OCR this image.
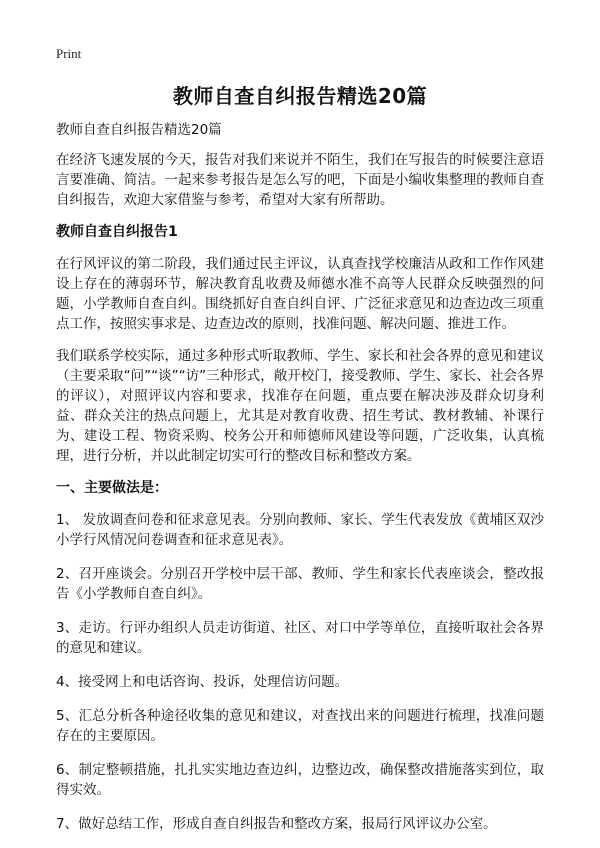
Print
教师自查自纠报告精选20篇

教师自查自纠报告精选20篇

在经济飞速发展的今天，报告对我们来说并不陌生，我们在写报告的时候要注意语言要准确、简洁。一起来参考报告是怎么写的吧，下面是小编收集整理的教师自查自纠报告，欢迎大家借鉴与参考，希望对大家有所帮助。

教师自查自纠报告1

在行风评议的第二阶段，我们通过民主评议，认真查找学校廉洁从政和工作作风建设上存在的薄弱环节，解决教育乱收费及师德水准不高等人民群众反映强烈的问题，小学教师自查自纠。围绕抓好自查自纠自评、广泛征求意见和边查边改三项重点工作，按照实事求是、边查边改的原则，找准问题、解决问题、推进工作。

我们联系学校实际，通过多种形式听取教师、学生、家长和社会各界的意见和建议（主要采取“问”“谈”“访”三种形式，敞开校门，接受教师、学生、家长、社会各界的评议），对照评议内容和要求，找准存在问题，重点要在解决涉及群众切身利益、群众关注的热点问题上，尤其是对教育收费、招生考试、教材教辅、补课行为、建设工程、物资采购、校务公开和师德师风建设等问题，广泛收集，认真梳理，进行分析，并以此制定切实可行的整改目标和整改方案。

一、主要做法是：

1、 发放调查问卷和征求意见表。分别向教师、家长、学生代表发放《黄埔区双沙小学行风情况问卷调查和征求意见表》。

2、召开座谈会。分别召开学校中层干部、教师、学生和家长代表座谈会，整改报告《小学教师自查自纠》。

3、走访。行评办组织人员走访街道、社区、对口中学等单位，直接听取社会各界的意见和建议。

4、接受网上和电话咨询、投诉，处理信访问题。

5、汇总分析各种途径收集的意见和建议，对查找出来的问题进行梳理，找准问题存在的主要原因。

6、制定整顿措施，扎扎实实地边查边纠，边整边改，确保整改措施落实到位，取得实效。

7、做好总结工作，形成自查自纠报告和整改方案，报局行风评议办公室。
